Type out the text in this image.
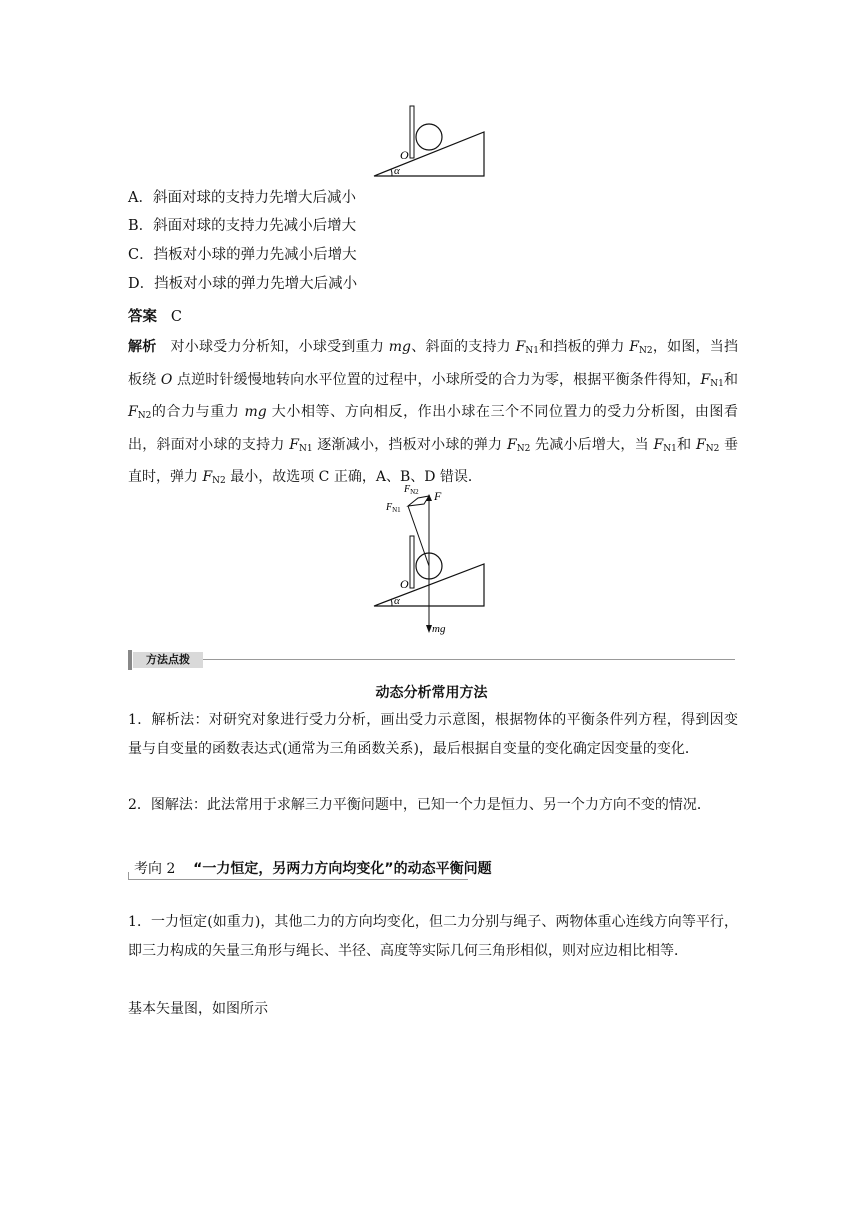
O
α
A．斜面对球的支持力先增大后减小
B．斜面对球的支持力先减小后增大
C．挡板对小球的弹力先减小后增大
D．挡板对小球的弹力先增大后减小
答案 C
解析 对小球受力分析知，小球受到重力 mg、斜面的支持力 $F_{N1}$和挡板的弹力 $F_{N2}$，如图，当挡板绕 O 点逆时针缓慢地转向水平位置的过程中，小球所受的合力为零，根据平衡条件得知，$F_{N1}$和 $F_{N2}$的合力与重力 mg 大小相等、方向相反，作出小球在三个不同位置力的受力分析图，由图看出，斜面对小球的支持力 $F_{N1}$ 逐渐减小，挡板对小球的弹力 $F_{N2}$ 先减小后增大，当 $F_{N1}$和 $F_{N2}$ 垂直时，弹力 $F_{N2}$ 最小，故选项 C 正确，A、B、D 错误．
$F_{N2}$ F
$F_{N1}$
O
α
mg
方法点拨
动态分析常用方法
1．解析法：对研究对象进行受力分析，画出受力示意图，根据物体的平衡条件列方程，得到因变量与自变量的函数表达式(通常为三角函数关系)，最后根据自变量的变化确定因变量的变化．
2．图解法：此法常用于求解三力平衡问题中，已知一个力是恒力、另一个力方向不变的情况．
考向 2 “一力恒定，另两力方向均变化”的动态平衡问题
1．一力恒定(如重力)，其他二力的方向均变化，但二力分别与绳子、两物体重心连线方向等平行，即三力构成的矢量三角形与绳长、半径、高度等实际几何三角形相似，则对应边相比相等．
基本矢量图，如图所示
